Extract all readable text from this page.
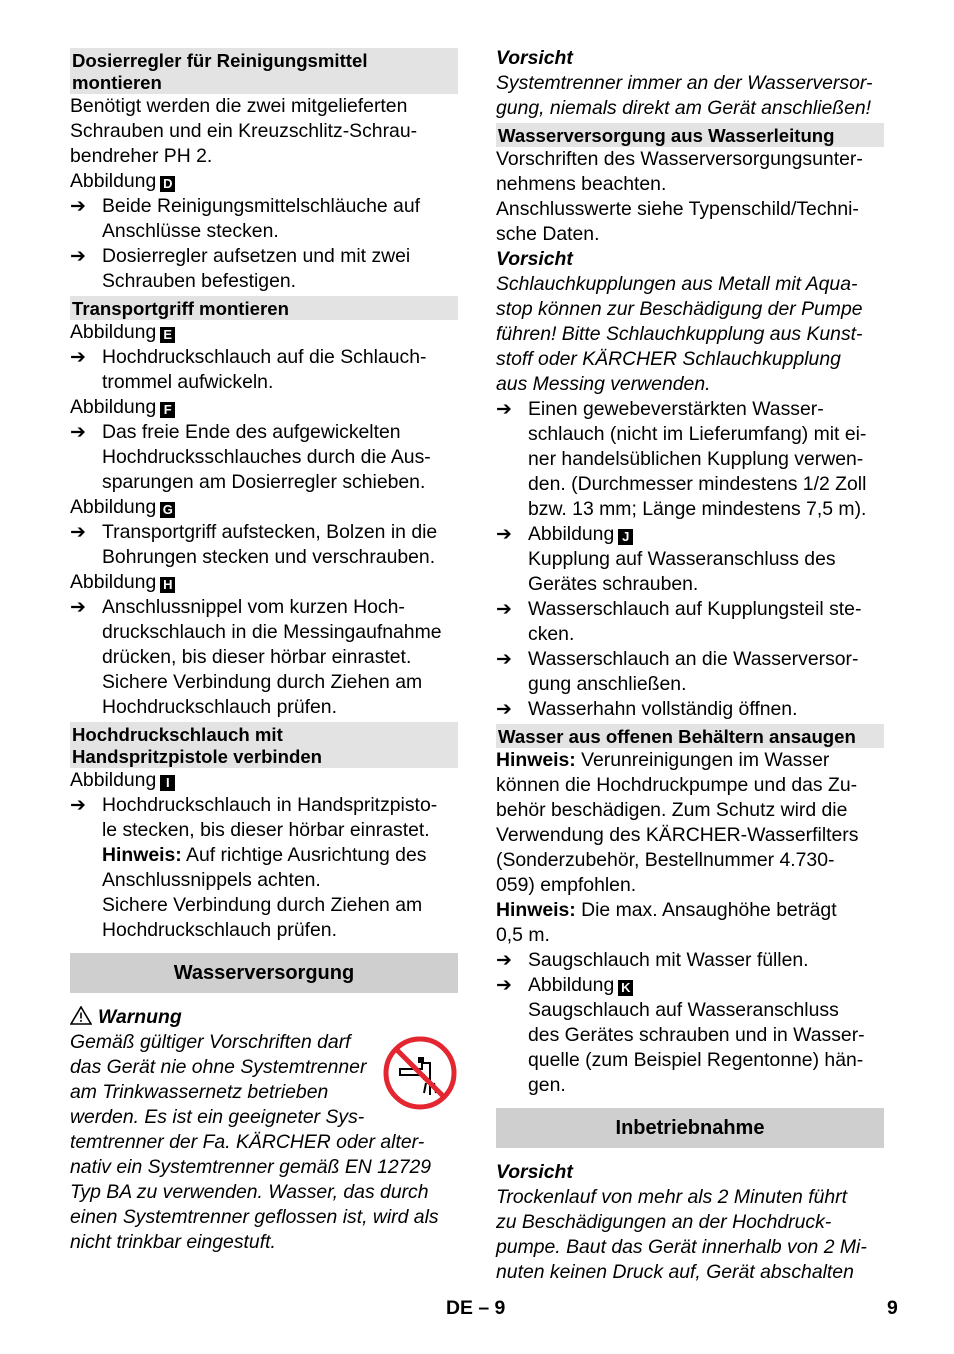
Dosierregler für Reinigungsmittel
montieren
Benötigt werden die zwei mitgelieferten
Schrauben und ein Kreuzschlitz-Schrau-
bendreher PH 2.
Abbildung D
➔ Beide Reinigungsmittelschläuche auf
Anschlüsse stecken.
➔ Dosierregler aufsetzen und mit zwei
Schrauben befestigen.
Transportgriff montieren
Abbildung E
➔ Hochdruckschlauch auf die Schlauch-
trommel aufwickeln.
Abbildung F
➔ Das freie Ende des aufgewickelten
Hochdrucksschlauches durch die Aus-
sparungen am Dosierregler schieben.
Abbildung G
➔ Transportgriff aufstecken, Bolzen in die
Bohrungen stecken und verschrauben.
Abbildung H
➔ Anschlussnippel vom kurzen Hoch-
druckschlauch in die Messingaufnahme
drücken, bis dieser hörbar einrastet.
Sichere Verbindung durch Ziehen am
Hochdruckschlauch prüfen.
Hochdruckschlauch mit
Handspritzpistole verbinden
Abbildung I
➔ Hochdruckschlauch in Handspritzpisto-
le stecken, bis dieser hörbar einrastet.
Hinweis: Auf richtige Ausrichtung des
Anschlussnippels achten.
Sichere Verbindung durch Ziehen am
Hochdruckschlauch prüfen.
Wasserversorgung
Warnung
Gemäß gültiger Vorschriften darf
das Gerät nie ohne Systemtrenner
am Trinkwassernetz betrieben
werden. Es ist ein geeigneter Sys-
temtrenner der Fa. KÄRCHER oder alter-
nativ ein Systemtrenner gemäß EN 12729
Typ BA zu verwenden. Wasser, das durch
einen Systemtrenner geflossen ist, wird als
nicht trinkbar eingestuft.
Vorsicht
Systemtrenner immer an der Wasserversor-
gung, niemals direkt am Gerät anschließen!
Wasserversorgung aus Wasserleitung
Vorschriften des Wasserversorgungsunter-
nehmens beachten.
Anschlusswerte siehe Typenschild/Techni-
sche Daten.
Vorsicht
Schlauchkupplungen aus Metall mit Aqua-
stop können zur Beschädigung der Pumpe
führen! Bitte Schlauchkupplung aus Kunst-
stoff oder KÄRCHER Schlauchkupplung
aus Messing verwenden.
➔ Einen gewebeverstärkten Wasser-
schlauch (nicht im Lieferumfang) mit ei-
ner handelsüblichen Kupplung verwen-
den. (Durchmesser mindestens 1/2 Zoll
bzw. 13 mm; Länge mindestens 7,5 m).
➔ Abbildung J
Kupplung auf Wasseranschluss des
Gerätes schrauben.
➔ Wasserschlauch auf Kupplungsteil ste-
cken.
➔ Wasserschlauch an die Wasserversor-
gung anschließen.
➔ Wasserhahn vollständig öffnen.
Wasser aus offenen Behältern ansaugen
Hinweis: Verunreinigungen im Wasser
können die Hochdruckpumpe und das Zu-
behör beschädigen. Zum Schutz wird die
Verwendung des KÄRCHER-Wasserfilters
(Sonderzubehör, Bestellnummer 4.730-
059) empfohlen.
Hinweis: Die max. Ansaughöhe beträgt
0,5 m.
➔ Saugschlauch mit Wasser füllen.
➔ Abbildung K
Saugschlauch auf Wasseranschluss
des Gerätes schrauben und in Wasser-
quelle (zum Beispiel Regentonne) hän-
gen.
Inbetriebnahme
Vorsicht
Trockenlauf von mehr als 2 Minuten führt
zu Beschädigungen an der Hochdruck-
pumpe. Baut das Gerät innerhalb von 2 Mi-
nuten keinen Druck auf, Gerät abschalten
DE – 9	9
